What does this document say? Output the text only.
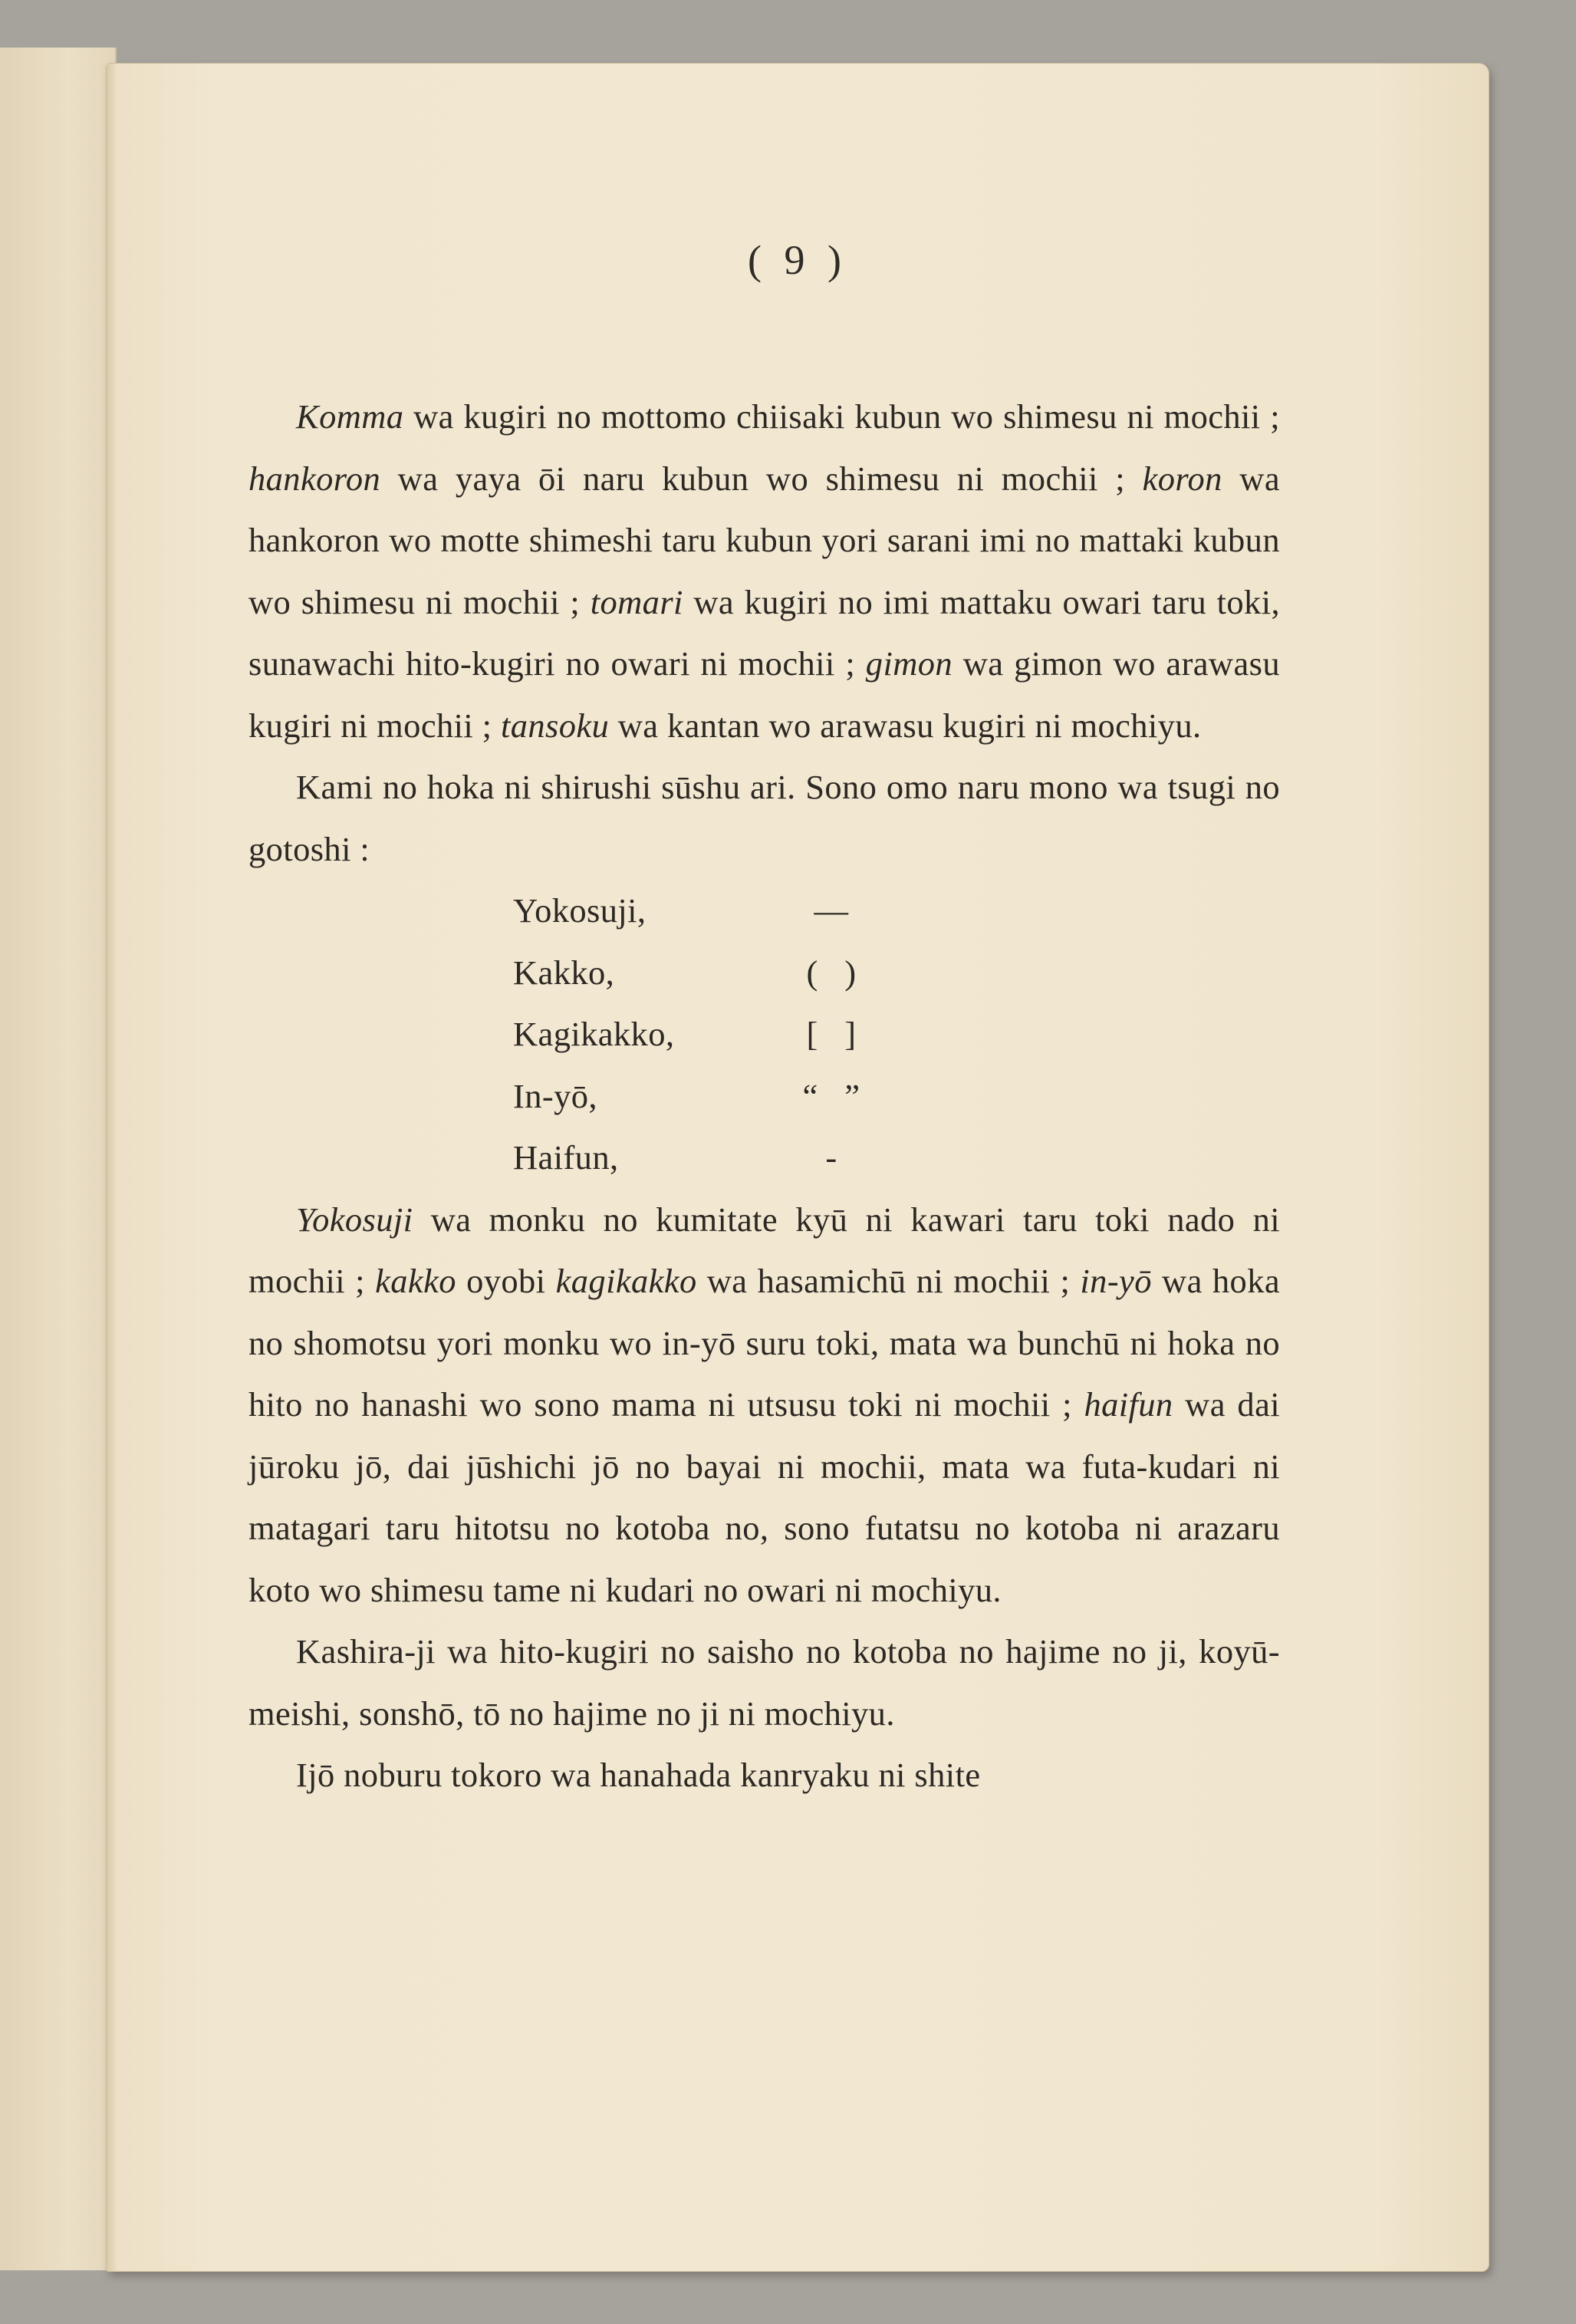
( 9 )

Komma wa kugiri no mottomo chiisaki kubun wo shimesu ni mochii ; hankoron wa yaya ōi naru kubun wo shimesu ni mochii ; koron wa hankoron wo motte shimeshi taru kubun yori sarani imi no mattaki kubun wo shimesu ni mochii ; tomari wa kugiri no imi mattaku owari taru toki, sunawachi hito-kugiri no owari ni mochii ; gimon wa gimon wo arawasu kugiri ni mochii ; tansoku wa kantan wo arawasu kugiri ni mochiyu.

Kami no hoka ni shirushi sūshu ari. Sono omo naru mono wa tsugi no gotoshi :

Yokosuji,	—
Kakko,	(   )
Kagikakko,	[   ]
In-yō,	“   ”
Haifun,	-

Yokosuji wa monku no kumitate kyū ni kawari taru toki nado ni mochii ; kakko oyobi kagikakko wa hasamichū ni mochii ; in-yō wa hoka no shomotsu yori monku wo in-yō suru toki, mata wa bunchū ni hoka no hito no hanashi wo sono mama ni utsusu toki ni mochii ; haifun wa dai jūroku jō, dai jūshichi jō no bayai ni mochii, mata wa futa-kudari ni matagari taru hitotsu no kotoba no, sono futatsu no kotoba ni arazaru koto wo shimesu tame ni kudari no owari ni mochiyu.

Kashira-ji wa hito-kugiri no saisho no kotoba no hajime no ji, koyū-meishi, sonshō, tō no hajime no ji ni mochiyu.

Ijō noburu tokoro wa hanahada kanryaku ni shite
